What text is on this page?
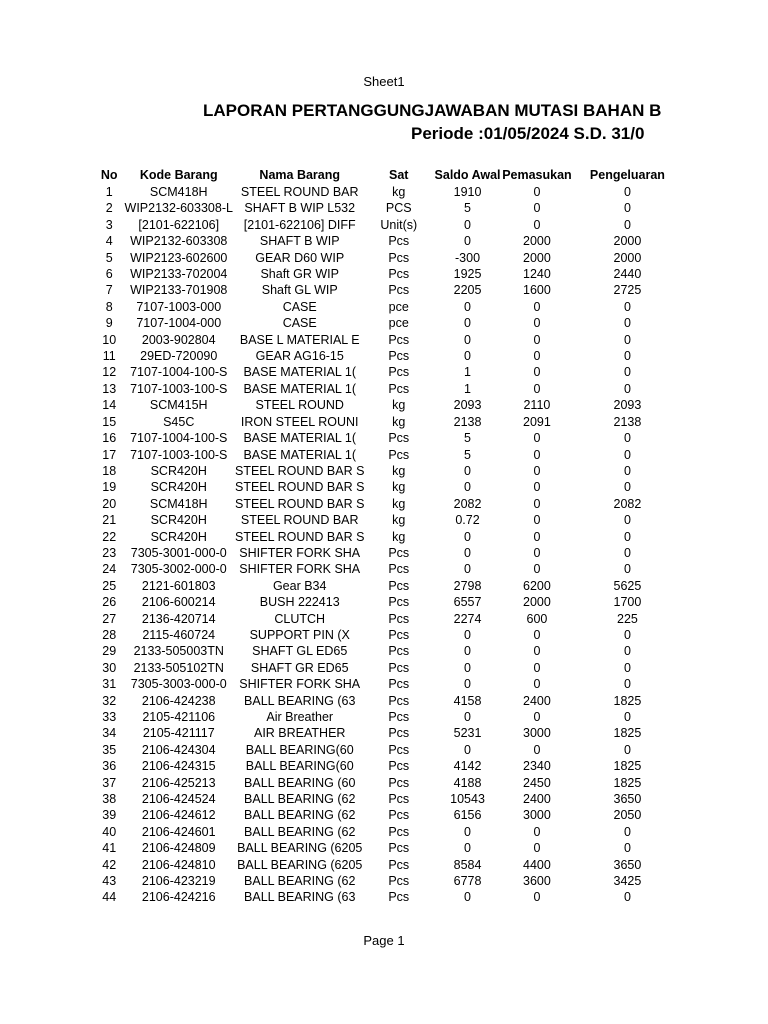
Sheet1
LAPORAN PERTANGGUNGJAWABAN MUTASI BAHAN B
Periode :01/05/2024 S.D. 31/0
No	Kode Barang	Nama Barang	Sat	Saldo Awal	Pemasukan	Pengeluaran
1	SCM418H	STEEL ROUND BAR	kg	1910	0	0
2	WIP2132-603308-L	SHAFT B WIP L532	PCS	5	0	0
3	[2101-622106]	[2101-622106] DIFF	Unit(s)	0	0	0
4	WIP2132-603308	SHAFT B WIP	Pcs	0	2000	2000
5	WIP2123-602600	GEAR D60 WIP	Pcs	-300	2000	2000
6	WIP2133-702004	Shaft GR WIP	Pcs	1925	1240	2440
7	WIP2133-701908	Shaft GL WIP	Pcs	2205	1600	2725
8	7107-1003-000	CASE	pce	0	0	0
9	7107-1004-000	CASE	pce	0	0	0
10	2003-902804	BASE L MATERIAL E	Pcs	0	0	0
11	29ED-720090	GEAR AG16-15	Pcs	0	0	0
12	7107-1004-100-S	BASE MATERIAL 1(	Pcs	1	0	0
13	7107-1003-100-S	BASE MATERIAL 1(	Pcs	1	0	0
14	SCM415H	STEEL ROUND	kg	2093	2110	2093
15	S45C	IRON STEEL ROUNI	kg	2138	2091	2138
16	7107-1004-100-S	BASE MATERIAL 1(	Pcs	5	0	0
17	7107-1003-100-S	BASE MATERIAL 1(	Pcs	5	0	0
18	SCR420H	STEEL ROUND BAR S	kg	0	0	0
19	SCR420H	STEEL ROUND BAR S	kg	0	0	0
20	SCM418H	STEEL ROUND BAR S	kg	2082	0	2082
21	SCR420H	STEEL ROUND BAR	kg	0.72	0	0
22	SCR420H	STEEL ROUND BAR S	kg	0	0	0
23	7305-3001-000-0	SHIFTER FORK SHA	Pcs	0	0	0
24	7305-3002-000-0	SHIFTER FORK SHA	Pcs	0	0	0
25	2121-601803	Gear B34	Pcs	2798	6200	5625
26	2106-600214	BUSH 222413	Pcs	6557	2000	1700
27	2136-420714	CLUTCH	Pcs	2274	600	225
28	2115-460724	SUPPORT PIN (X	Pcs	0	0	0
29	2133-505003TN	SHAFT GL ED65	Pcs	0	0	0
30	2133-505102TN	SHAFT GR ED65	Pcs	0	0	0
31	7305-3003-000-0	SHIFTER FORK SHA	Pcs	0	0	0
32	2106-424238	BALL BEARING (63	Pcs	4158	2400	1825
33	2105-421106	Air Breather	Pcs	0	0	0
34	2105-421117	AIR BREATHER	Pcs	5231	3000	1825
35	2106-424304	BALL BEARING(60	Pcs	0	0	0
36	2106-424315	BALL BEARING(60	Pcs	4142	2340	1825
37	2106-425213	BALL BEARING (60	Pcs	4188	2450	1825
38	2106-424524	BALL BEARING (62	Pcs	10543	2400	3650
39	2106-424612	BALL BEARING (62	Pcs	6156	3000	2050
40	2106-424601	BALL BEARING (62	Pcs	0	0	0
41	2106-424809	BALL BEARING (6205	Pcs	0	0	0
42	2106-424810	BALL BEARING (6205	Pcs	8584	4400	3650
43	2106-423219	BALL BEARING (62	Pcs	6778	3600	3425
44	2106-424216	BALL BEARING (63	Pcs	0	0	0
Page 1
